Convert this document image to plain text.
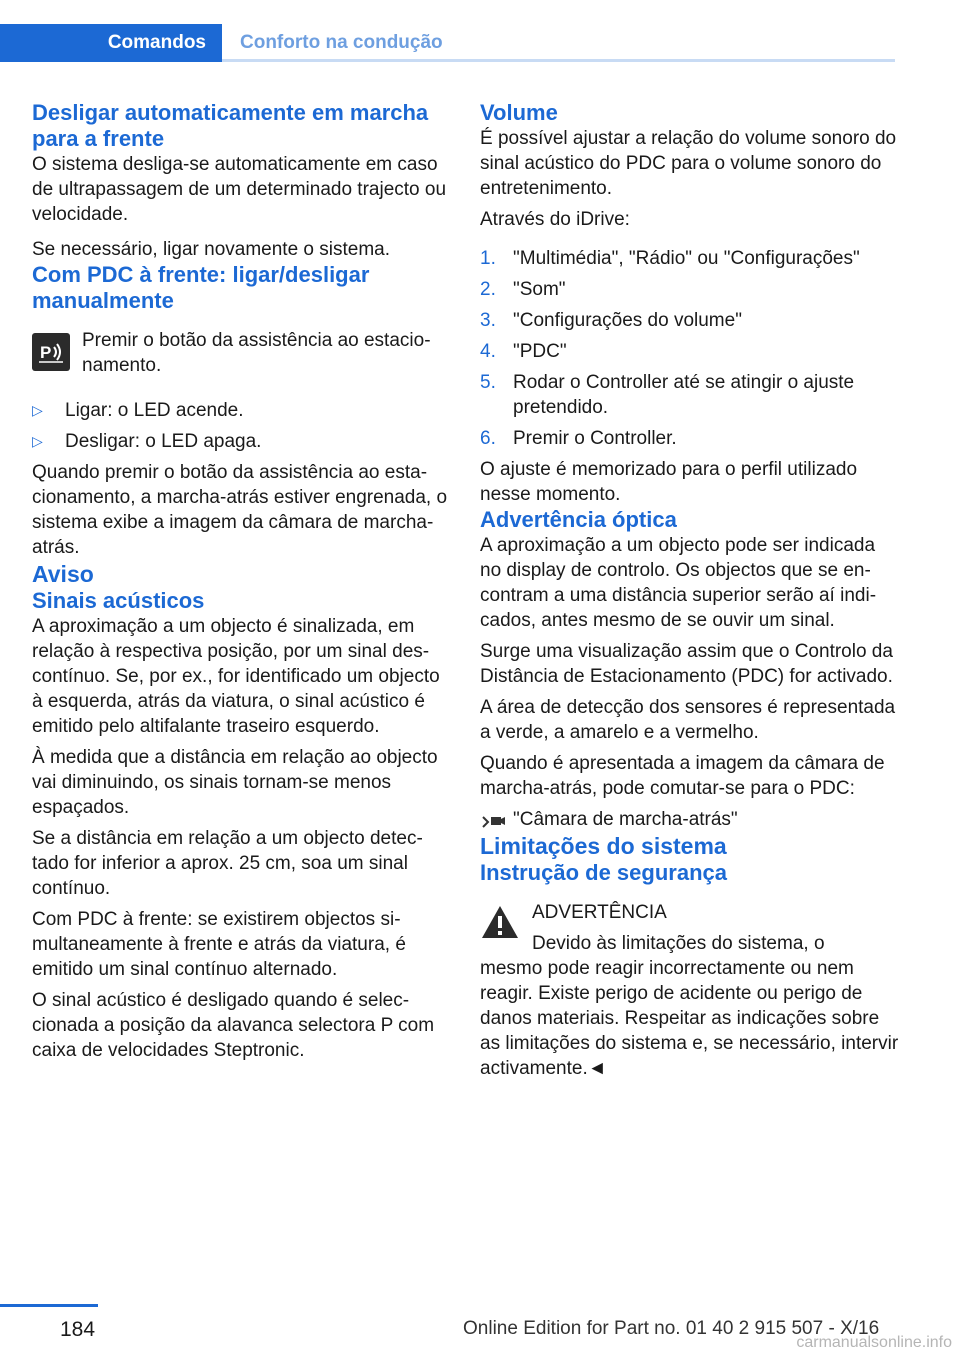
Comandos	Conforto na condução
Desligar automaticamente em marcha para a frente

O sistema desliga-se automaticamente em caso de ultrapassagem de um determinado trajecto ou velocidade.

Se necessário, ligar novamente o sistema.

Com PDC à frente: ligar/desligar manualmente
P

Premir o botão da assistência ao estacionamento.

▷	Ligar: o LED acende.
▷	Desligar: o LED apaga.

Quando premir o botão da assistência ao estacionamento, a marcha-atrás estiver engrenada, o sistema exibe a imagem da câmara de marcha-atrás.

Aviso
Sinais acústicos

A aproximação a um objecto é sinalizada, em relação à respectiva posição, por um sinal descontínuo. Se, por ex., for identificado um objecto à esquerda, atrás da viatura, o sinal acústico é emitido pelo altifalante traseiro esquerdo.

À medida que a distância em relação ao objecto vai diminuindo, os sinais tornam-se menos espaçados.

Se a distância em relação a um objecto detectado for inferior a aprox. 25 cm, soa um sinal contínuo.

Com PDC à frente: se existirem objectos simultaneamente à frente e atrás da viatura, é emitido um sinal contínuo alternado.

O sinal acústico é desligado quando é seleccionada a posição da alavanca selectora P com caixa de velocidades Steptronic.

Volume

É possível ajustar a relação do volume sonoro do sinal acústico do PDC para o volume sonoro do entretenimento.

Através do iDrive:

1. "Multimédia", "Rádio" ou "Configurações"
2. "Som"
3. "Configurações do volume"
4. "PDC"
5. Rodar o Controller até se atingir o ajuste pretendido.
6. Premir o Controller.

O ajuste é memorizado para o perfil utilizado nesse momento.

Advertência óptica

A aproximação a um objecto pode ser indicada no display de controlo. Os objectos que se encontram a uma distância superior serão aí indicados, antes mesmo de se ouvir um sinal.

Surge uma visualização assim que o Controlo da Distância de Estacionamento (PDC) for activado.

A área de detecção dos sensores é representada a verde, a amarelo e a vermelho.

Quando é apresentada a imagem da câmara de marcha-atrás, pode comutar-se para o PDC:

"Câmara de marcha-atrás"
Limitações do sistema
Instrução de segurança

ADVERTÊNCIA

Devido às limitações do sistema, o

mesmo pode reagir incorrectamente ou nem reagir. Existe perigo de acidente ou perigo de danos materiais. Respeitar as indicações sobre as limitações do sistema e, se necessário, intervir activamente.◄

184	Online Edition for Part no. 01 40 2 915 507 - X/16
carmanualsonline.info
